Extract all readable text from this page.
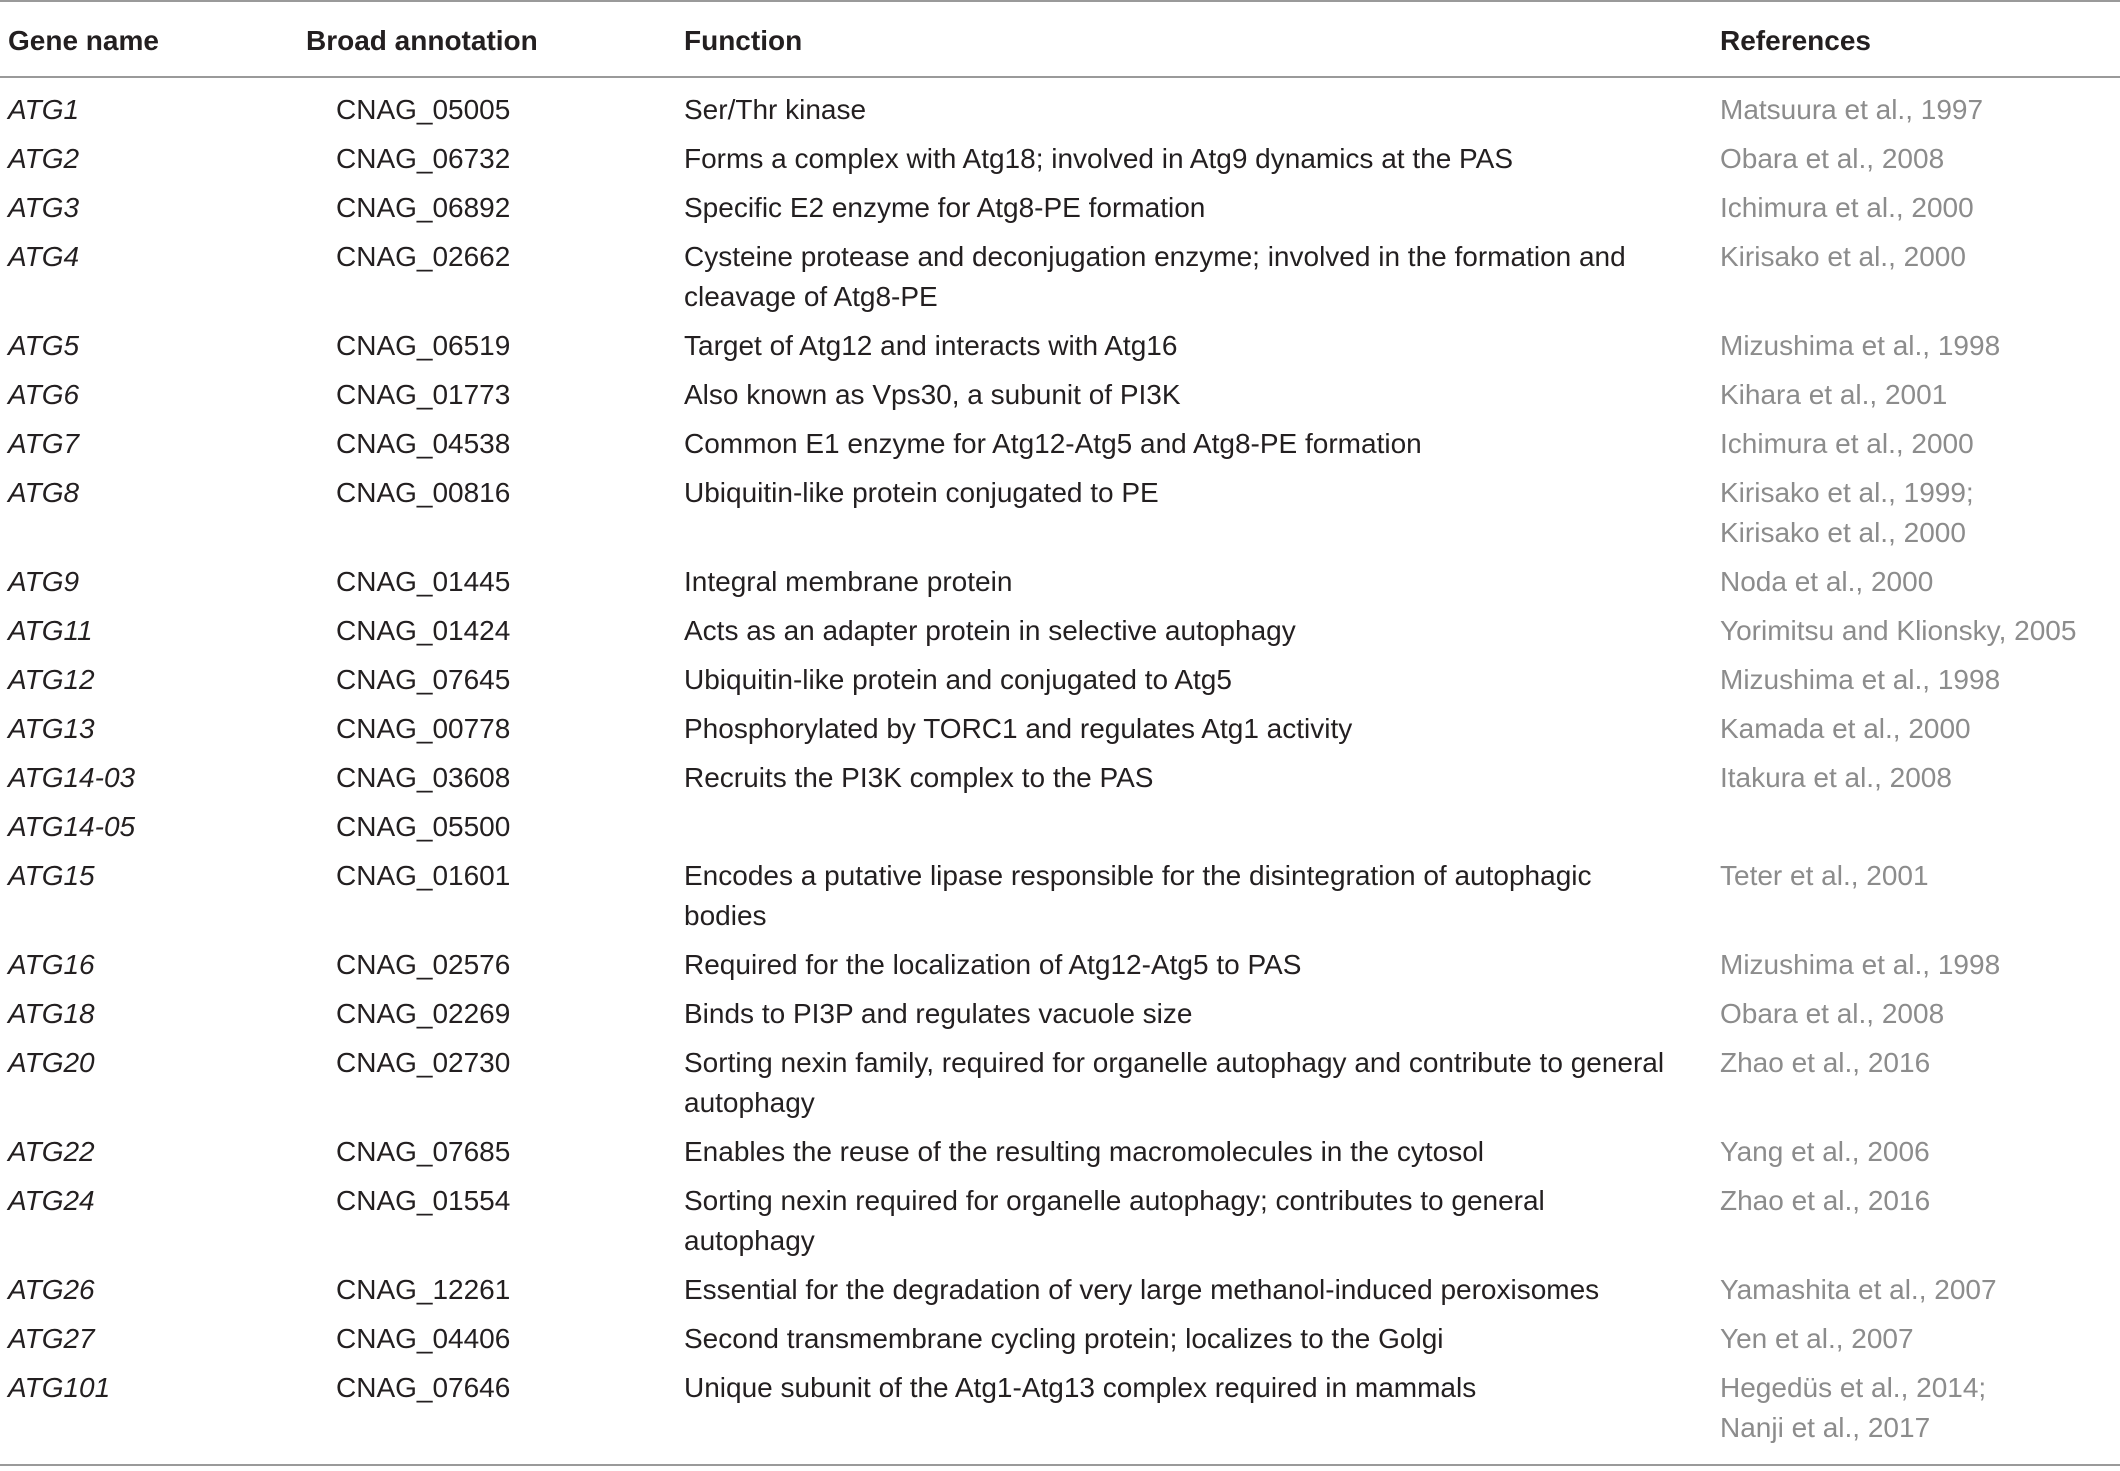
Gene name	Broad annotation	Function	References
ATG1	CNAG_05005	Ser/Thr kinase	Matsuura et al., 1997

ATG2	CNAG_06732	Forms a complex with Atg18; involved in Atg9 dynamics at the PAS	Obara et al., 2008

ATG3	CNAG_06892	Specific E2 enzyme for Atg8-PE formation	Ichimura et al., 2000

ATG4	CNAG_02662	Cysteine protease and deconjugation enzyme; involved in the formation and cleavage of Atg8-PE	Kirisako et al., 2000

ATG5	CNAG_06519	Target of Atg12 and interacts with Atg16	Mizushima et al., 1998

ATG6	CNAG_01773	Also known as Vps30, a subunit of PI3K	Kihara et al., 2001

ATG7	CNAG_04538	Common E1 enzyme for Atg12-Atg5 and Atg8-PE formation	Ichimura et al., 2000

ATG8	CNAG_00816	Ubiquitin-like protein conjugated to PE	Kirisako et al., 1999;
Kirisako et al., 2000

ATG9	CNAG_01445	Integral membrane protein	Noda et al., 2000

ATG11	CNAG_01424	Acts as an adapter protein in selective autophagy	Yorimitsu and Klionsky, 2005

ATG12	CNAG_07645	Ubiquitin-like protein and conjugated to Atg5	Mizushima et al., 1998

ATG13	CNAG_00778	Phosphorylated by TORC1 and regulates Atg1 activity	Kamada et al., 2000

ATG14-03	CNAG_03608	Recruits the PI3K complex to the PAS	Itakura et al., 2008

ATG14-05	CNAG_05500		
ATG15	CNAG_01601	Encodes a putative lipase responsible for the disintegration of autophagic bodies	Teter et al., 2001

ATG16	CNAG_02576	Required for the localization of Atg12-Atg5 to PAS	Mizushima et al., 1998

ATG18	CNAG_02269	Binds to PI3P and regulates vacuole size	Obara et al., 2008

ATG20	CNAG_02730	Sorting nexin family, required for organelle autophagy and contribute to general autophagy	Zhao et al., 2016

ATG22	CNAG_07685	Enables the reuse of the resulting macromolecules in the cytosol	Yang et al., 2006

ATG24	CNAG_01554	Sorting nexin required for organelle autophagy; contributes to general autophagy	Zhao et al., 2016

ATG26	CNAG_12261	Essential for the degradation of very large methanol-induced peroxisomes	Yamashita et al., 2007

ATG27	CNAG_04406	Second transmembrane cycling protein; localizes to the Golgi	Yen et al., 2007

ATG101	CNAG_07646	Unique subunit of the Atg1-Atg13 complex required in mammals	Hegedüs et al., 2014;
Nanji et al., 2017
